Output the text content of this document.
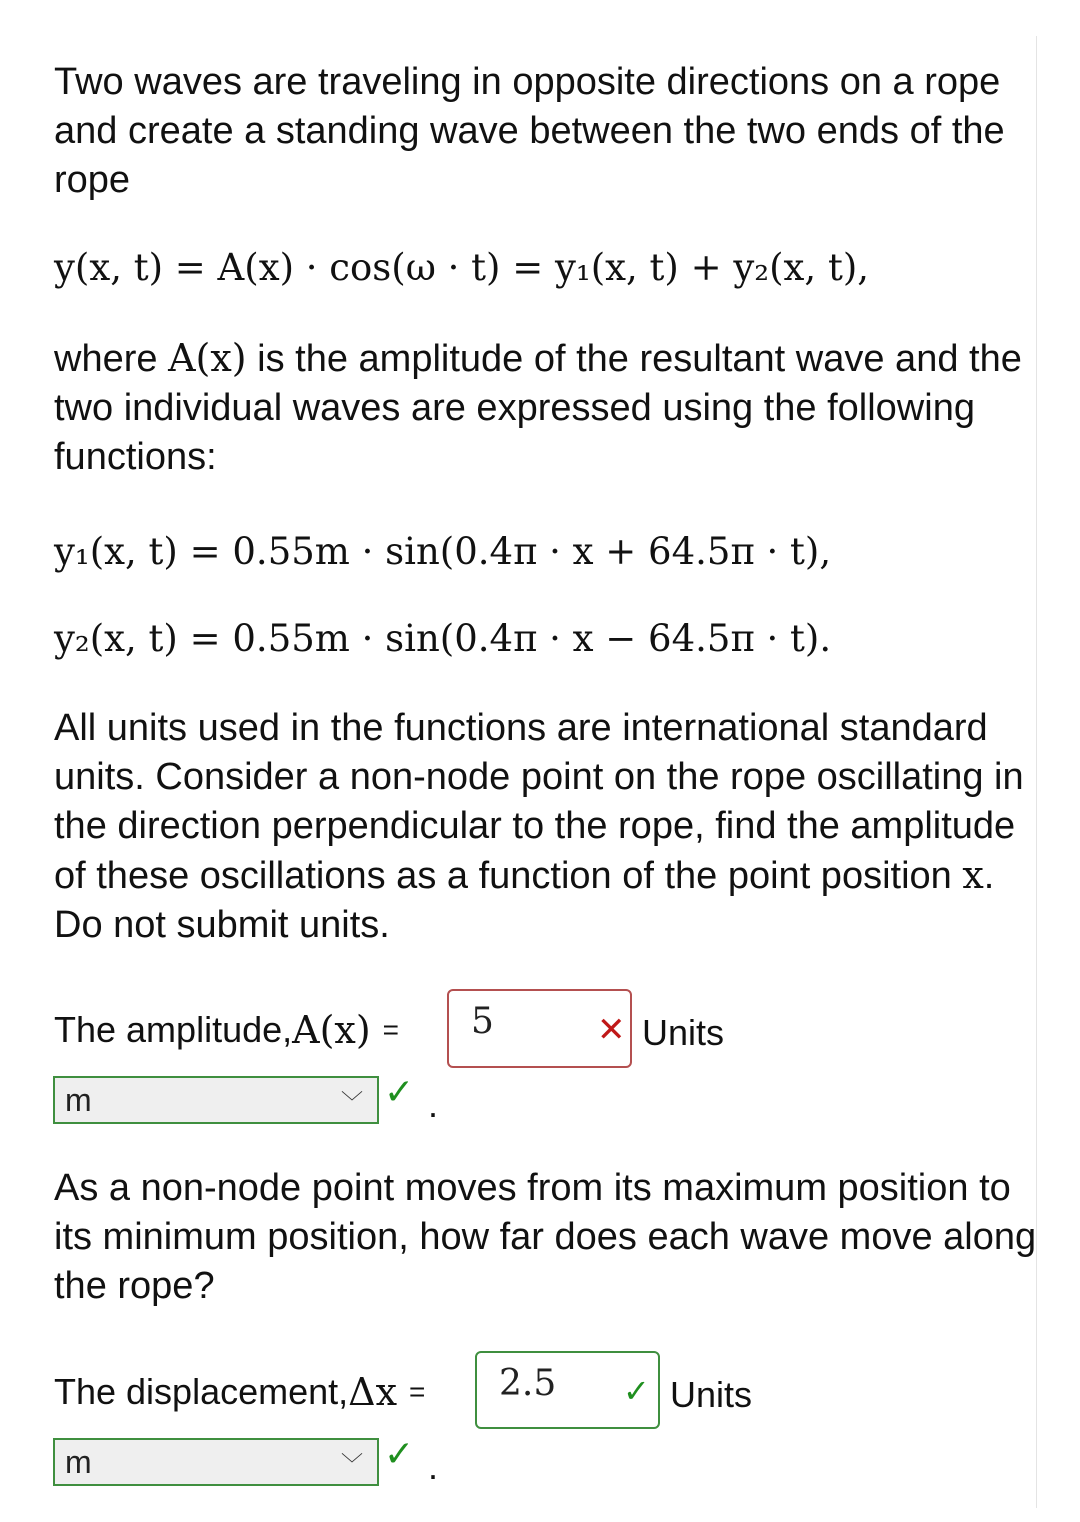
Two waves are traveling in opposite directions on a rope and create a standing wave between the two ends of the rope

y(x, t) = A(x) · cos(ω · t) = y₁(x, t) + y₂(x, t),

where A(x) is the amplitude of the resultant wave and the two individual waves are expressed using the following functions:

y₁(x, t) = 0.55m · sin(0.4π · x + 64.5π · t),
y₂(x, t) = 0.55m · sin(0.4π · x − 64.5π · t).

All units used in the functions are international standard units. Consider a non-node point on the rope oscillating in the direction perpendicular to the rope, find the amplitude of these oscillations as a function of the point position x. Do not submit units.

The amplitude, A(x) = 5	✕ Units
m	﹀ ✓ .

As a non-node point moves from its maximum position to its minimum position, how far does each wave move along the rope?

The displacement, Δx = 2.5 ✓ Units
m	﹀ ✓ .
